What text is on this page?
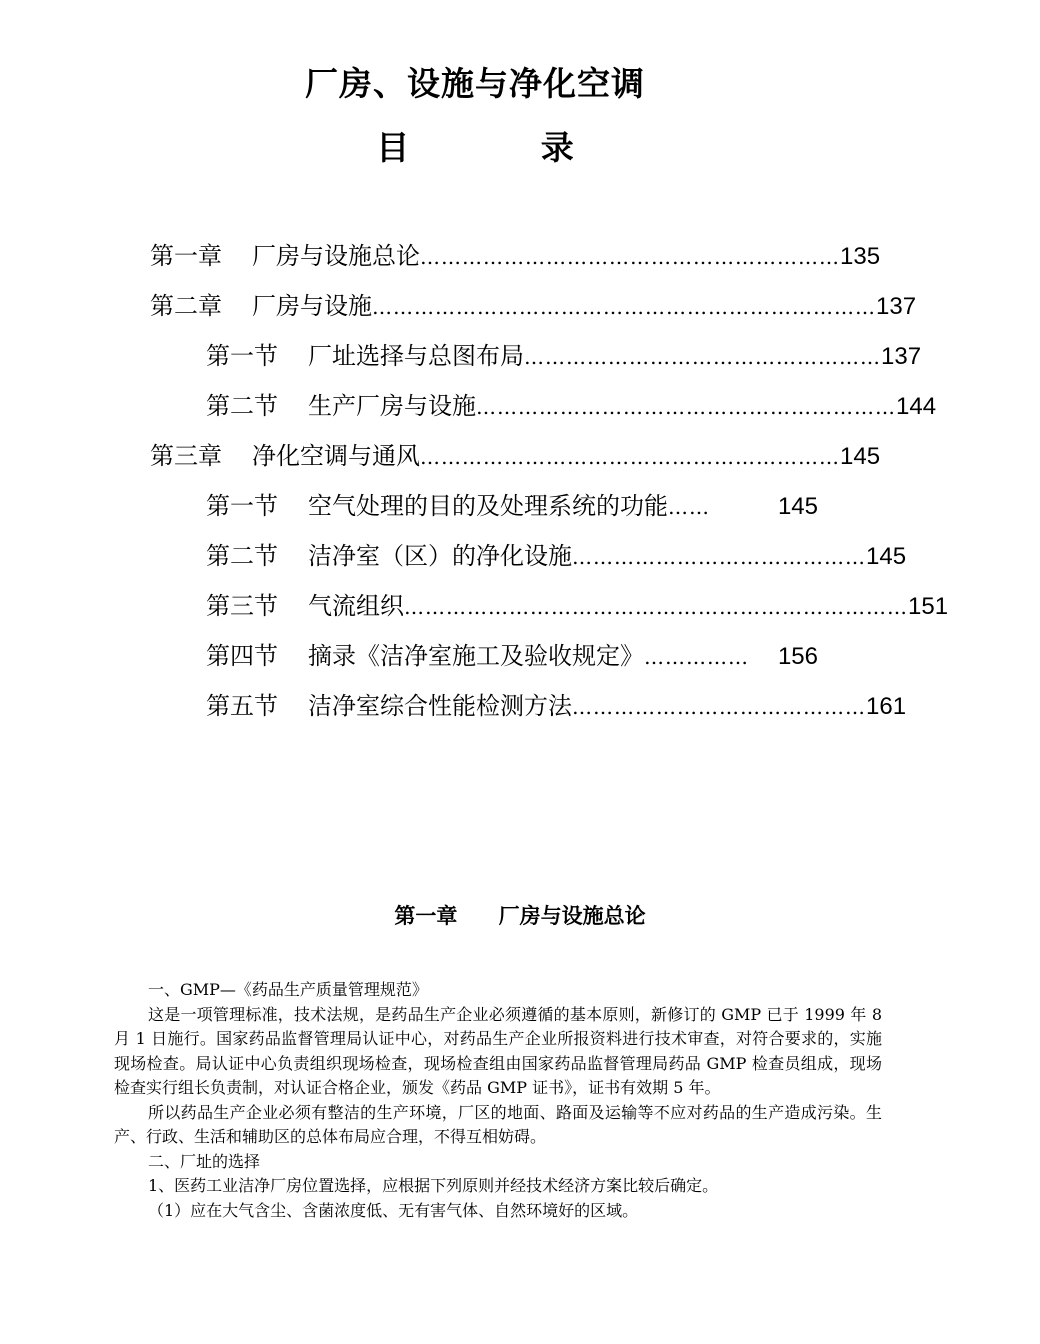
厂房、设施与净化空调
目 录
第一章 厂房与设施总论 …………………………………………………… 135
第二章 厂房与设施 ……………………………………………………………… 137
第一节 厂址选择与总图布局 …………………………………………… 137
第二节 生产厂房与设施 …………………………………………………… 144
第三章 净化空调与通风 …………………………………………………… 145
第一节 空气处理的目的及处理系统的功能 ……	145
第二节 洁净室（区）的净化设施 …………………………………… 145
第三节 气流组织 ……………………………………………………………… 151
第四节 摘录《洁净室施工及验收规定》 ……………	156
第五节 洁净室综合性能检测方法 …………………………………… 161
第一章 厂房与设施总论

一、GMP—《药品生产质量管理规范》

这是一项管理标准，技术法规，是药品生产企业必须遵循的基本原则，新修订的 GMP 已于 1999 年 8 月 1 日施行。国家药品监督管理局认证中心，对药品生产企业所报资料进行技术审查，对符合要求的，实施现场检查。局认证中心负责组织现场检查，现场检查组由国家药品监督管理局药品 GMP 检查员组成，现场检查实行组长负责制，对认证合格企业，颁发《药品 GMP 证书》，证书有效期 5 年。

所以药品生产企业必须有整洁的生产环境，厂区的地面、路面及运输等不应对药品的生产造成污染。生产、行政、生活和辅助区的总体布局应合理，不得互相妨碍。

二、厂址的选择

1、医药工业洁净厂房位置选择，应根据下列原则并经技术经济方案比较后确定。

（1）应在大气含尘、含菌浓度低、无有害气体、自然环境好的区域。
